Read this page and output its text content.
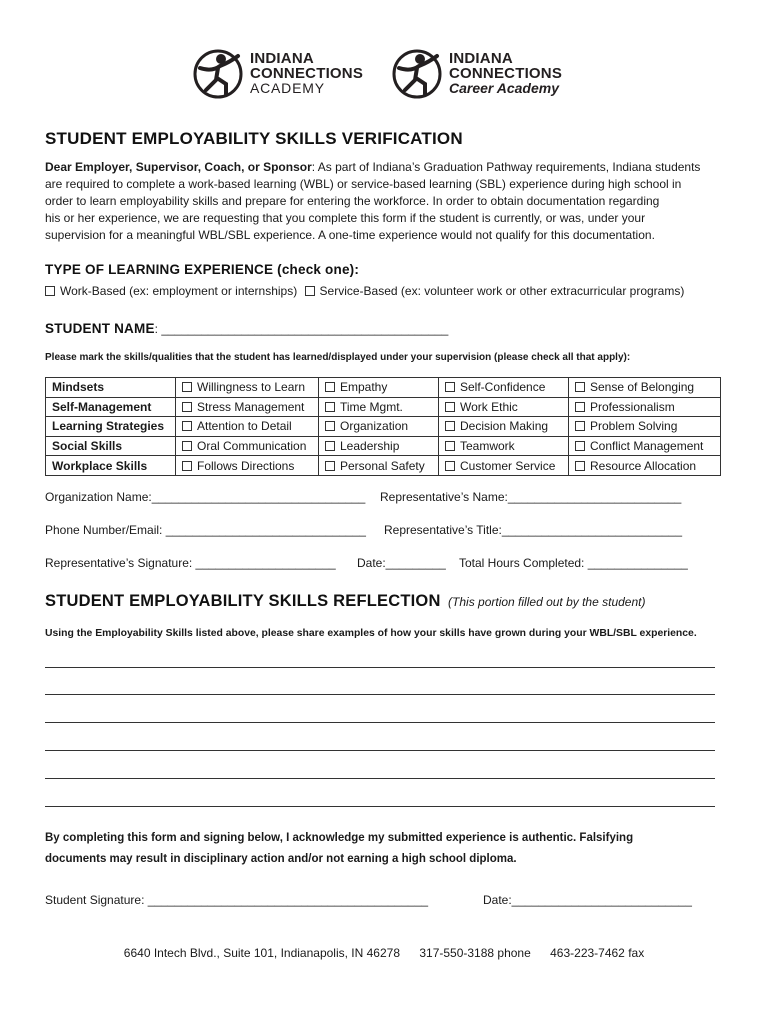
INDIANA
CONNECTIONS
ACADEMY
INDIANA
CONNECTIONS
Career Academy
STUDENT EMPLOYABILITY SKILLS VERIFICATION
Dear Employer, Supervisor, Coach, or Sponsor: As part of Indiana’s Graduation Pathway requirements, Indiana students
are required to complete a work-based learning (WBL) or service-based learning (SBL) experience during high school in
order to learn employability skills and prepare for entering the workforce. In order to obtain documentation regarding
his or her experience, we are requesting that you complete this form if the student is currently, or was, under your
supervision for a meaningful WBL/SBL experience. A one-time experience would not qualify for this documentation.
TYPE OF LEARNING EXPERIENCE (check one):
Work-Based (ex: employment or internships) Service-Based (ex: volunteer work or other extracurricular programs)
STUDENT NAME: ___________________________________________
Please mark the skills/qualities that the student has learned/displayed under your supervision (please check all that apply):
Mindsets	Willingness to Learn	Empathy	Self-Confidence	Sense of Belonging
Self-Management	Stress Management	Time Mgmt.	Work Ethic	Professionalism
Learning Strategies	Attention to Detail	Organization	Decision Making	Problem Solving
Social Skills	Oral Communication	Leadership	Teamwork	Conflict Management
Workplace Skills	Follows Directions	Personal Safety	Customer Service	Resource Allocation
Organization Name:________________________________ Representative’s Name:__________________________
Phone Number/Email: ______________________________ Representative’s Title:___________________________
Representative’s Signature: _____________________ Date:_________ Total Hours Completed: _______________
STUDENT EMPLOYABILITY SKILLS REFLECTION (This portion filled out by the student)
Using the Employability Skills listed above, please share examples of how your skills have grown during your WBL/SBL experience.
By completing this form and signing below, I acknowledge my submitted experience is authentic. Falsifying
documents may result in disciplinary action and/or not earning a high school diploma.
Student Signature: __________________________________________	Date:___________________________
6640 Intech Blvd., Suite 101, Indianapolis, IN 46278 317-550-3188 phone 463-223-7462 fax
